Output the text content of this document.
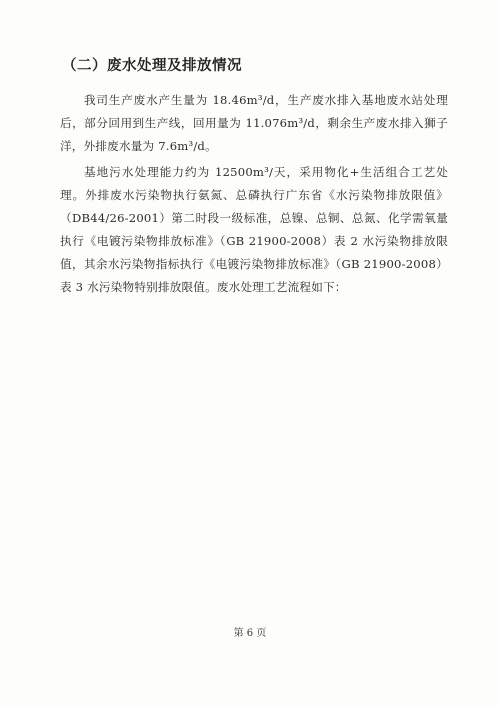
（二）废水处理及排放情况

我司生产废水产生量为 18.46m³/d，生产废水排入基地废水站处理后，部分回用到生产线，回用量为 11.076m³/d，剩余生产废水排入狮子洋，外排废水量为 7.6m³/d。

基地污水处理能力约为 12500m³/天，采用物化+生活组合工艺处理。外排废水污染物执行氨氮、总磷执行广东省《水污染物排放限值》（DB44/26-2001）第二时段一级标准，总镍、总铜、总氮、化学需氧量执行《电镀污染物排放标准》（GB 21900-2008）表 2 水污染物排放限值，其余水污染物指标执行《电镀污染物排放标准》（GB 21900-2008）表 3 水污染物特别排放限值。废水处理工艺流程如下：

第 6 页
